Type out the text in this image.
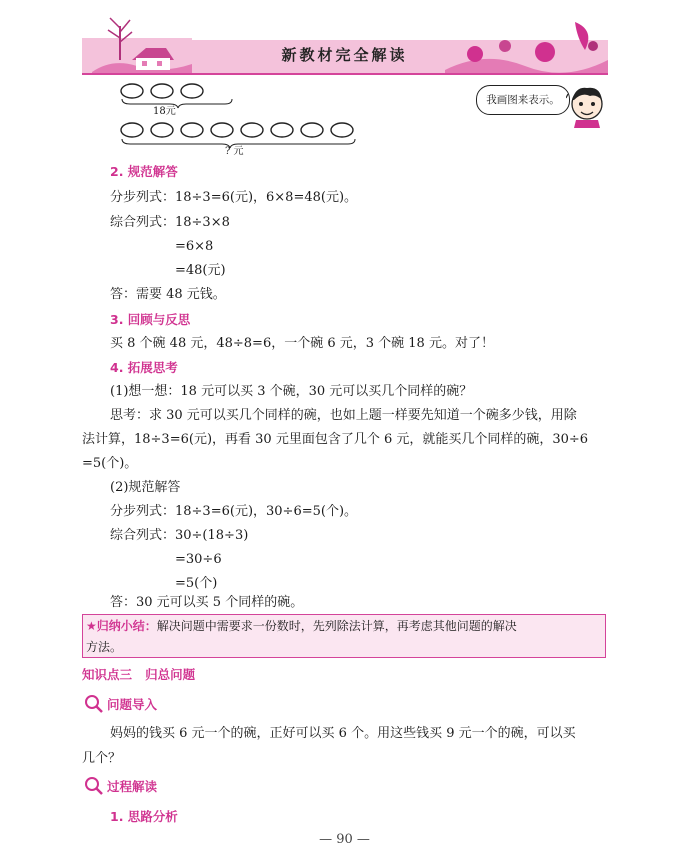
新教材完全解读
18元
? 元
我画图来表示。
2. 规范解答
分步列式：18÷3=6(元)，6×8=48(元)。
综合列式：18÷3×8
=6×8
=48(元)
答：需要 48 元钱。
3. 回顾与反思
买 8 个碗 48 元，48÷8=6，一个碗 6 元，3 个碗 18 元。对了！
4. 拓展思考
(1)想一想：18 元可以买 3 个碗，30 元可以买几个同样的碗？
思考：求 30 元可以买几个同样的碗，也如上题一样要先知道一个碗多少钱，用除
法计算，18÷3=6(元)，再看 30 元里面包含了几个 6 元，就能买几个同样的碗，30÷6
=5(个)。
(2)规范解答
分步列式：18÷3=6(元)，30÷6=5(个)。
综合列式：30÷(18÷3)
=30÷6
=5(个)
答：30 元可以买 5 个同样的碗。
★归纳小结：解决问题中需要求一份数时，先列除法计算，再考虑其他问题的解决
方法。
知识点三 归总问题
问题导入
妈妈的钱买 6 元一个的碗，正好可以买 6 个。用这些钱买 9 元一个的碗，可以买
几个？
过程解读
1. 思路分析
— 90 —
